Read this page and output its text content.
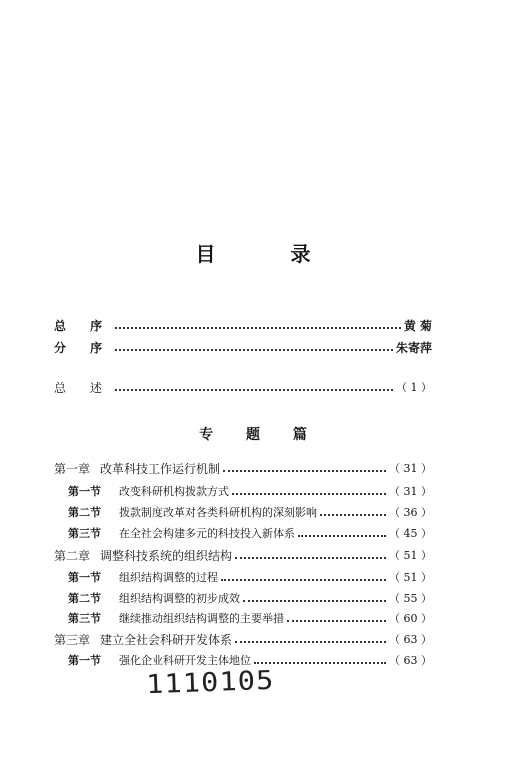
目 录
总 序	黄 菊
分 序	朱寄萍
总 述	（ 1 ）
专 题 篇
第一章 改革科技工作运行机制	（ 31 ）
第一节 改变科研机构拨款方式	（ 31 ）
第二节 拨款制度改革对各类科研机构的深刻影响	（ 36 ）
第三节 在全社会构建多元的科技投入新体系	（ 45 ）
第二章 调整科技系统的组织结构	（ 51 ）
第一节 组织结构调整的过程	（ 51 ）
第二节 组织结构调整的初步成效	（ 55 ）
第三节 继续推动组织结构调整的主要举措	（ 60 ）
第三章 建立全社会科研开发体系	（ 63 ）
第一节 强化企业科研开发主体地位	（ 63 ）
1110105
